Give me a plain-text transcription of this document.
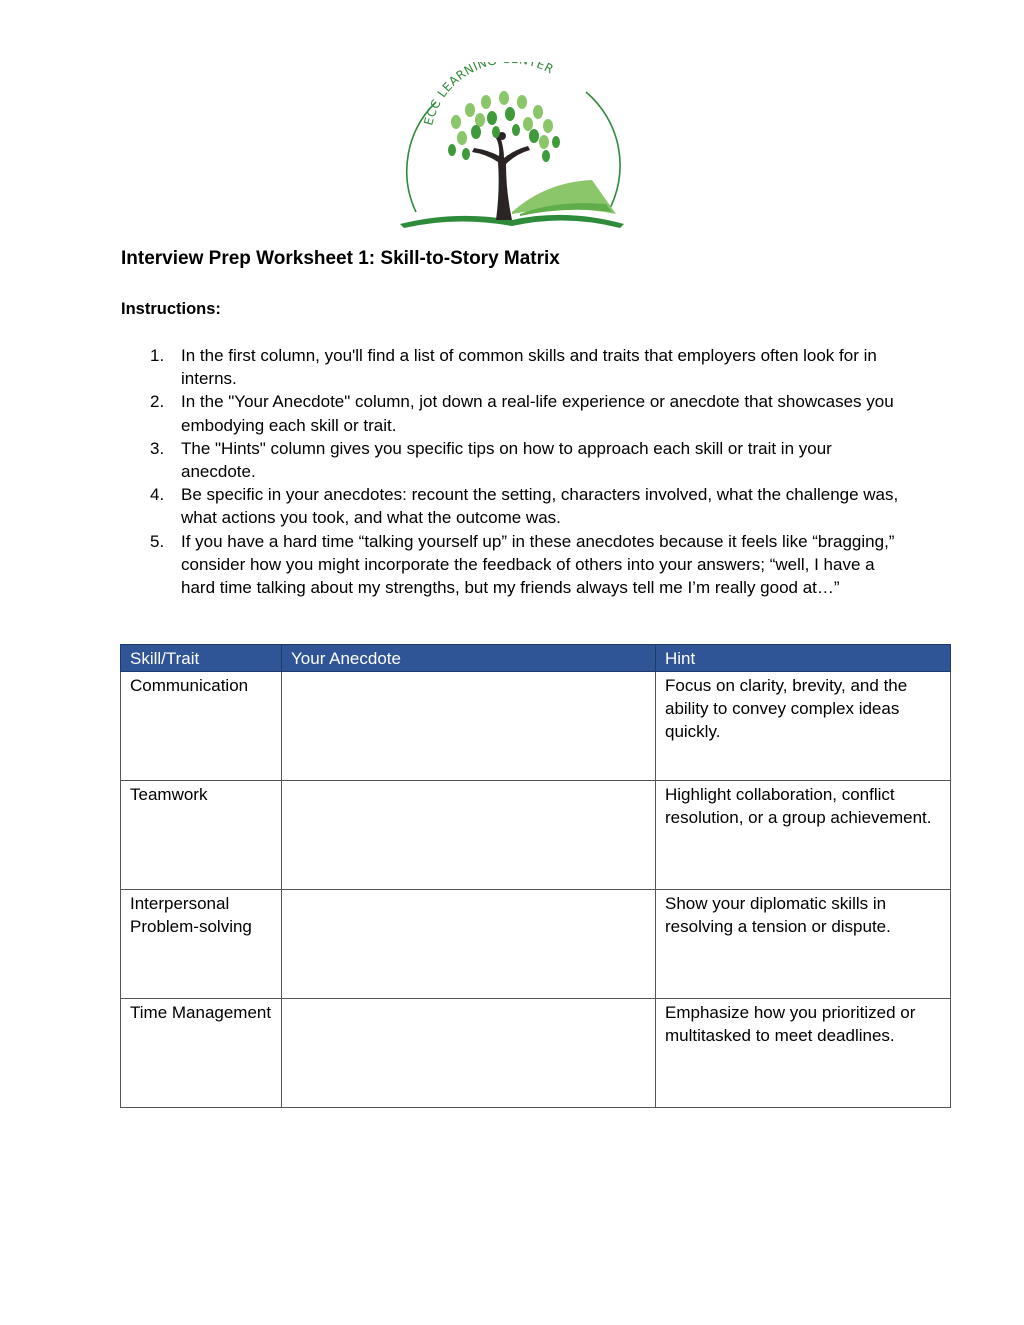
ECC LEARNIN TER
Interview Prep Worksheet 1: Skill-to-Story Matrix
Instructions:
1. In the first column, you'll find a list of common skills and traits that employers often look for in interns.
2. In the "Your Anecdote" column, jot down a real-life experience or anecdote that showcases you embodying each skill or trait.
3. The "Hints" column gives you specific tips on how to approach each skill or trait in your anecdote.
4. Be specific in your anecdotes: recount the setting, characters involved, what the challenge was, what actions you took, and what the outcome was.
5. If you have a hard time “talking yourself up” in these anecdotes because it feels like “bragging,” consider how you might incorporate the feedback of others into your answers; “well, I have a hard time talking about my strengths, but my friends always tell me I’m really good at…”
Skill/Trait	Your Anecdote	Hint
Communication		Focus on clarity, brevity, and the ability to convey complex ideas quickly.
Teamwork		Highlight collaboration, conflict resolution, or a group achievement.
Interpersonal Problem-solving		Show your diplomatic skills in resolving a tension or dispute.
Time Management		Emphasize how you prioritized or multitasked to meet deadlines.
